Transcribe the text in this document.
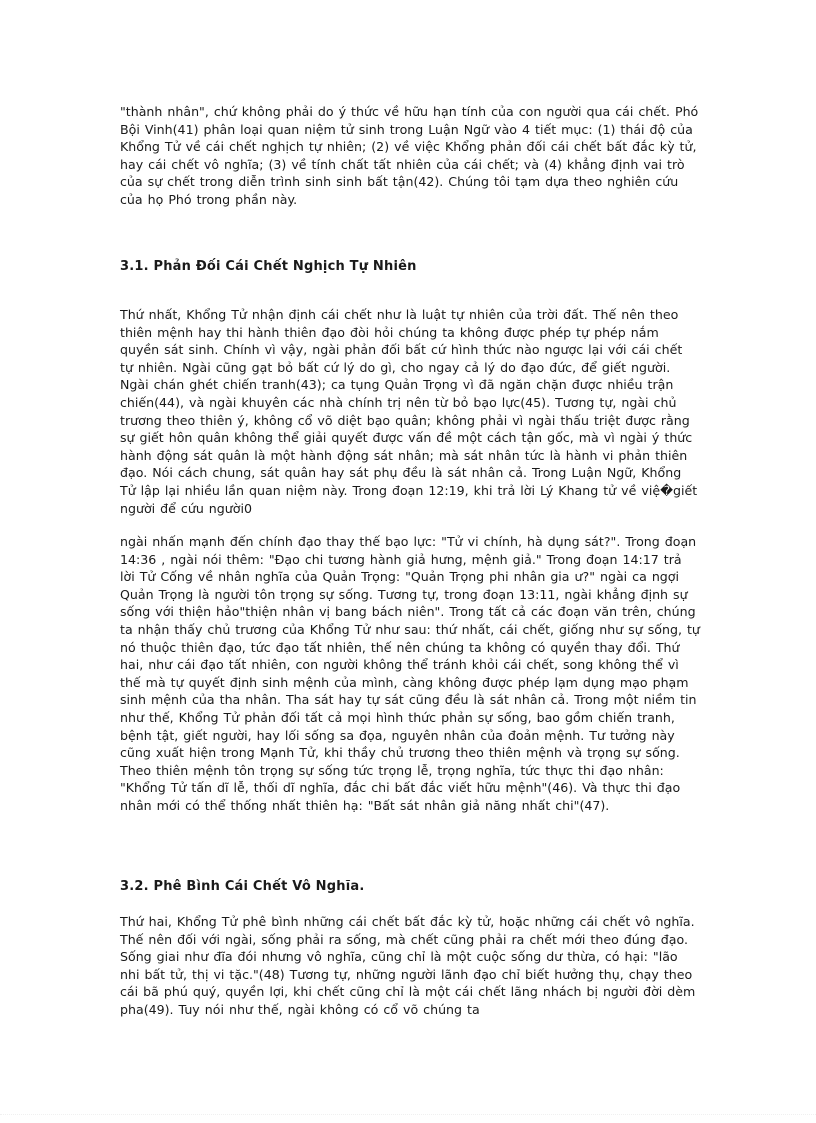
"thành nhân", chứ không phải do ý thức về hữu hạn tính của con người qua cái chết. Phó Bội Vinh(41) phân loại quan niệm tử sinh trong Luận Ngữ vào 4 tiết mục: (1) thái độ của Khổng Tử về cái chết nghịch tự nhiên; (2) về việc Khổng phản đối cái chết bất đắc kỳ tử, hay cái chết vô nghĩa; (3) về tính chất tất nhiên của cái chết; và (4) khẳng định vai trò của sự chết trong diễn trình sinh sinh bất tận(42). Chúng tôi tạm dựa theo nghiên cứu của họ Phó trong phần này.

3.1. Phản Đối Cái Chết Nghịch Tự Nhiên

Thứ nhất, Khổng Tử nhận định cái chết như là luật tự nhiên của trời đất. Thế nên theo thiên mệnh hay thi hành thiên đạo đòi hỏi chúng ta không được phép tự phép nắm quyền sát sinh. Chính vì vậy, ngài phản đối bất cứ hình thức nào ngược lại với cái chết tự nhiên. Ngài cũng gạt bỏ bất cứ lý do gì, cho ngay cả lý do đạo đức, để giết người. Ngài chán ghét chiến tranh(43); ca tụng Quản Trọng vì đã ngăn chặn được nhiều trận chiến(44), và ngài khuyên các nhà chính trị nên từ bỏ bạo lực(45). Tương tự, ngài chủ trương theo thiên ý, không cổ võ diệt bạo quân; không phải vì ngài thấu triệt được rằng sự giết hôn quân không thể giải quyết được vấn đề một cách tận gốc, mà vì ngài ý thức hành động sát quân là một hành động sát nhân; mà sát nhân tức là hành vi phản thiên đạo. Nói cách chung, sát quân hay sát phụ đều là sát nhân cả. Trong Luận Ngữ, Khổng Tử lập lại nhiều lần quan niệm này. Trong đoạn 12:19, khi trả lời Lý Khang tử về việ�giết người để cứu người0

ngài nhấn mạnh đến chính đạo thay thế bạo lực: "Tử vi chính, hà dụng sát?". Trong đoạn 14:36 , ngài nói thêm: "Đạo chi tương hành giả hưng, mệnh giả." Trong đoạn 14:17 trả lời Tử Cống về nhân nghĩa của Quản Trọng: "Quản Trọng phi nhân gia ư?" ngài ca ngợi Quản Trọng là người tôn trọng sự sống. Tương tự, trong đoạn 13:11, ngài khẳng định sự sống với thiện hảo"thiện nhân vị bang bách niên". Trong tất cả các đoạn văn trên, chúng ta nhận thấy chủ trương của Khổng Tử như sau: thứ nhất, cái chết, giống như sự sống, tự nó thuộc thiên đạo, tức đạo tất nhiên, thế nên chúng ta không có quyền thay đổi. Thứ hai, như cái đạo tất nhiên, con người không thể tránh khỏi cái chết, song không thể vì thế mà tự quyết định sinh mệnh của mình, càng không được phép lạm dụng mạo phạm sinh mệnh của tha nhân. Tha sát hay tự sát cũng đều là sát nhân cả. Trong một niềm tin như thế, Khổng Tử phản đối tất cả mọi hình thức phản sự sống, bao gồm chiến tranh, bệnh tật, giết người, hay lối sống sa đọa, nguyên nhân của đoản mệnh. Tư tưởng này cũng xuất hiện trong Mạnh Tử, khi thầy chủ trương theo thiên mệnh và trọng sự sống. Theo thiên mệnh tôn trọng sự sống tức trọng lễ, trọng nghĩa, tức thực thi đạo nhân: "Khổng Tử tấn dĩ lễ, thối dĩ nghĩa, đắc chi bất đắc viết hữu mệnh"(46). Và thực thi đạo nhân mới có thể thống nhất thiên hạ: "Bất sát nhân giả năng nhất chi"(47).

3.2. Phê Bình Cái Chết Vô Nghĩa.

Thứ hai, Khổng Tử phê bình những cái chết bất đắc kỳ tử, hoặc những cái chết vô nghĩa. Thế nên đối với ngài, sống phải ra sống, mà chết cũng phải ra chết mới theo đúng đạo. Sống giai như đĩa đói nhưng vô nghĩa, cũng chỉ là một cuộc sống dư thừa, có hại: "lão nhi bất tử, thị vi tặc."(48) Tương tự, những người lãnh đạo chỉ biết hưởng thụ, chạy theo cái bã phú quý, quyền lợi, khi chết cũng chỉ là một cái chết lãng nhách bị người đời dèm pha(49). Tuy nói như thế, ngài không có cổ võ chúng ta
